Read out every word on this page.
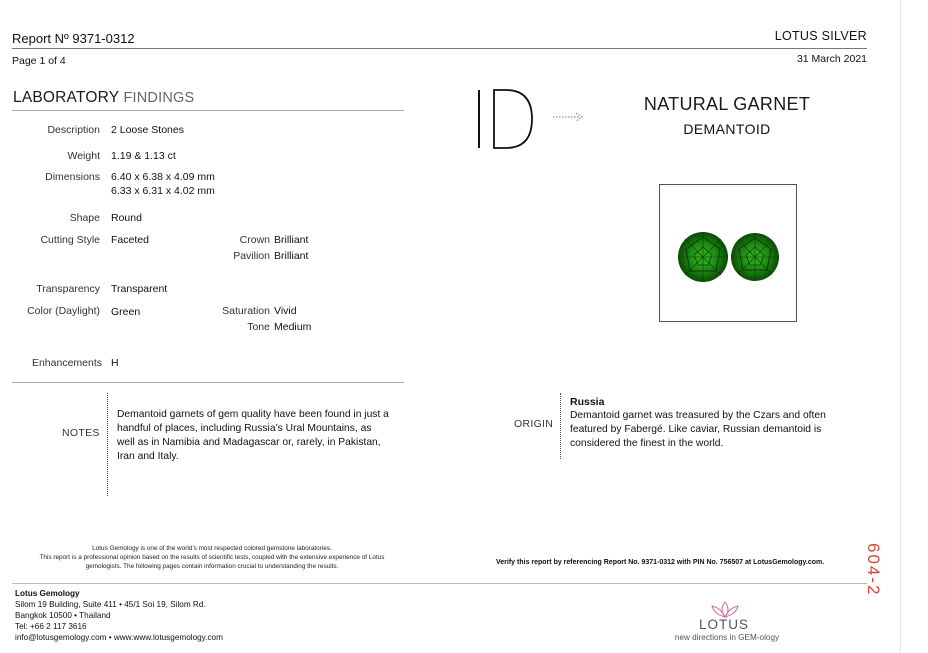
Report Nº 9371-0312	LOTUS SILVER
Page 1 of 4	31 March 2021
LABORATORY FINDINGS
Description 2 Loose Stones
Weight 1.19 & 1.13 ct
Dimensions 6.40 x 6.38 x 4.09 mm
6.33 x 6.31 x 4.02 mm
Shape Round
Cutting Style Faceted	Crown Brilliant
Pavilion Brilliant
Transparency Transparent
Color (Daylight) Green	Saturation Vivid
Tone Medium
Enhancements H
NATURAL GARNET
DEMANTOID
NOTES
Demantoid garnets of gem quality have been found in just a handful of places, including Russia’s Ural Mountains, as well as in Namibia and Madagascar or, rarely, in Pakistan, Iran and Italy.
ORIGIN
Russia
Demantoid garnet was treasured by the Czars and often featured by Fabergé. Like caviar, Russian demantoid is considered the finest in the world.
Lotus Gemology is one of the world’s most respected colored gemstone laboratories.
This report is a professional opinion based on the results of scientific tests, coupled with the extensive experience of Lotus
gemologists. The following pages contain information crucial to understanding the results.
Verify this report by referencing Report No. 9371-0312 with PIN No. 756507 at LotusGemology.com.
Lotus Gemology
Silom 19 Building, Suite 411 • 45/1 Soi 19, Silom Rd.
Bangkok 10500 • Thailand
Tel: +66 2 117 3616
info@lotusgemology.com • www.www.lotusgemology.com
LOTUS
new directions in GEM-ology
604-2
